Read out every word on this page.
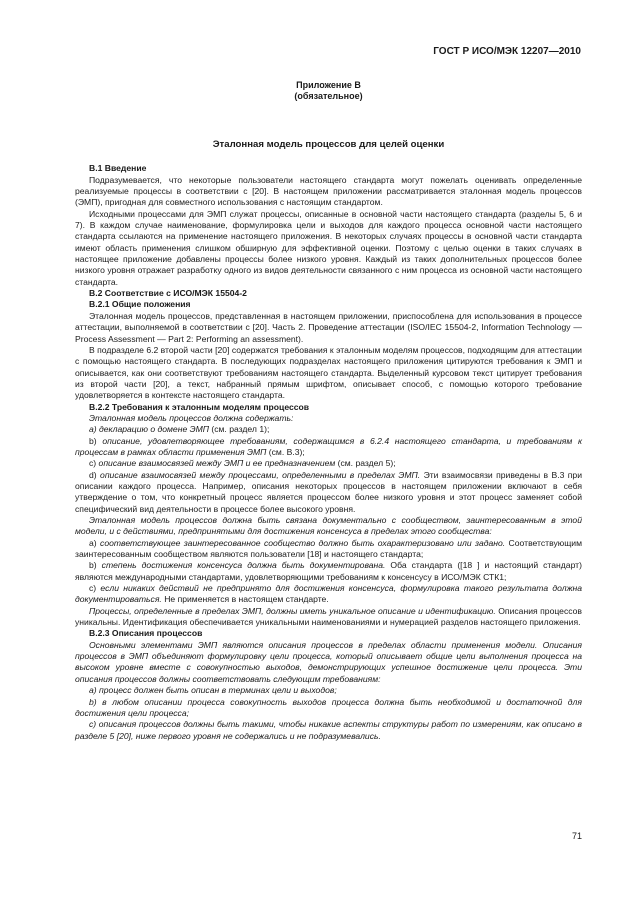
ГОСТ Р ИСО/МЭК 12207—2010
Приложение В
(обязательное)
Эталонная модель процессов для целей оценки

В.1 Введение

Подразумевается, что некоторые пользователи настоящего стандарта могут пожелать оценивать определенные реализуемые процессы в соответствии с [20]. В настоящем приложении рассматривается эталонная модель процессов (ЭМП), пригодная для совместного использования с настоящим стандартом.

Исходными процессами для ЭМП служат процессы, описанные в основной части настоящего стандарта (разделы 5, 6 и 7). В каждом случае наименование, формулировка цели и выходов для каждого процесса основной части настоящего стандарта ссылаются на применение настоящего приложения. В некоторых случаях процессы в основной части стандарта имеют область применения слишком обширную для эффективной оценки. Поэтому с целью оценки в таких случаях в настоящее приложение добавлены процессы более низкого уровня. Каждый из таких дополнительных процессов более низкого уровня отражает разработку одного из видов деятельности связанного с ним процесса из основной части настоящего стандарта.

В.2 Соответствие с ИСО/МЭК 15504-2

В.2.1 Общие положения

Эталонная модель процессов, представленная в настоящем приложении, приспособлена для использования в процессе аттестации, выполняемой в соответствии с [20]. Часть 2. Проведение аттестации (ISO/IEC 15504-2, Information Technology — Process Assessment — Part 2: Performing an assessment).

В подразделе 6.2 второй части [20] содержатся требования к эталонным моделям процессов, подходящим для аттестации с помощью настоящего стандарта. В последующих подразделах настоящего приложения цитируются требования к ЭМП и описывается, как они соответствуют требованиям настоящего стандарта. Выделенный курсовом текст цитирует требования из второй части [20], а текст, набранный прямым шрифтом, описывает способ, с помощью которого требование удовлетворяется в контексте настоящего стандарта.

В.2.2 Требования к эталонным моделям процессов

Эталонная модель процессов должна содержать:

а) декларацию о домене ЭМП (см. раздел 1);

b) описание, удовлетворяющее требованиям, содержащимся в 6.2.4 настоящего стандарта, и требованиям к процессам в рамках области применения ЭМП (см. В.3);

с) описание взаимосвязей между ЭМП и ее предназначением (см. раздел 5);

d) описание взаимосвязей между процессами, определенными в пределах ЭМП. Эти взаимосвязи приведены в В.3 при описании каждого процесса. Например, описания некоторых процессов в настоящем приложении включают в себя утверждение о том, что конкретный процесс является процессом более низкого уровня и этот процесс заменяет собой специфический вид деятельности в процессе более высокого уровня.

Эталонная модель процессов должна быть связана документально с сообществом, заинтересованным в этой модели, и с действиями, предпринятыми для достижения консенсуса в пределах этого сообщества:

а) соответствующее заинтересованное сообщество должно быть охарактеризовано или задано. Соответствующим заинтересованным сообществом являются пользователи [18] и настоящего стандарта;

b) степень достижения консенсуса должна быть документирована. Оба стандарта ([18 ] и настоящий стандарт) являются международными стандартами, удовлетворяющими требованиям к консенсусу в ИСО/МЭК СТК1;

с) если никаких действий не предпринято для достижения консенсуса, формулировка такого результата должна документироваться. Не применяется в настоящем стандарте.

Процессы, определенные в пределах ЭМП, должны иметь уникальное описание и идентификацию. Описания процессов уникальны. Идентификация обеспечивается уникальными наименованиями и нумерацией разделов настоящего приложения.

В.2.3 Описания процессов

Основными элементами ЭМП являются описания процессов в пределах области применения модели. Описания процессов в ЭМП объединяют формулировку цели процесса, который описывает общие цели выполнения процесса на высоком уровне вместе с совокупностью выходов, демонстрирующих успешное достижение цели процесса. Эти описания процессов должны соответствовать следующим требованиям:

а) процесс должен быть описан в терминах цели и выходов;

b) в любом описании процесса совокупность выходов процесса должна быть необходимой и достаточной для достижения цели процесса;

с) описания процессов должны быть такими, чтобы никакие аспекты структуры работ по измерениям, как описано в разделе 5 [20], ниже первого уровня не содержались и не подразумевались.

71
